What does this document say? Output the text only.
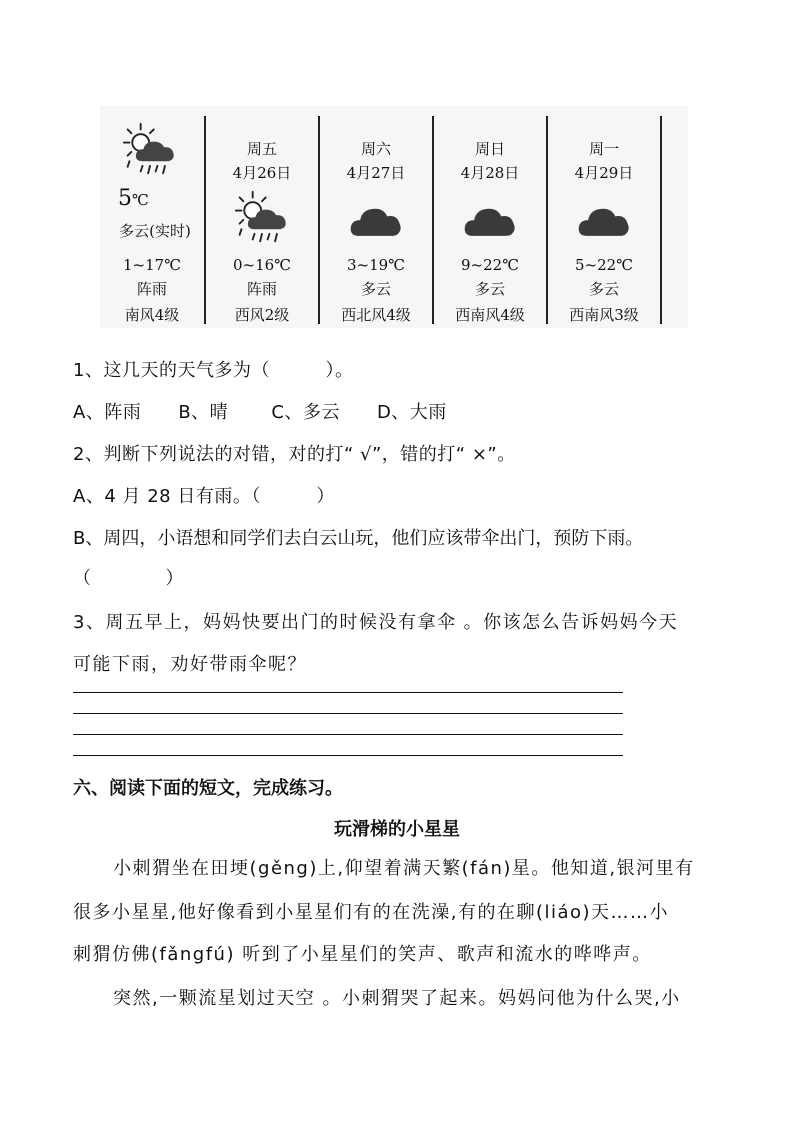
5℃
多云(实时)
1~17℃
阵雨
南风4级
周五
4月26日
0~16℃
阵雨
西风2级
周六
4月27日
3~19℃
多云
西北风4级
周日
4月28日
9~22℃
多云
西南风4级
周一
4月29日
5~22℃
多云
西南风3级
1、这几天的天气多为（　　　）。
A、阵雨　　B、晴　　 C、多云　　D、大雨
2、判断下列说法的对错，对的打“ √”，错的打“ ×”。
A、4 月 28 日有雨。（　　　）
B、周四，小语想和同学们去白云山玩，他们应该带伞出门，预防下雨。
（　　　　）
3、周五早上，妈妈快要出门的时候没有拿伞 。你该怎么告诉妈妈今天
可能下雨，劝好带雨伞呢？
六、阅读下面的短文，完成练习。
玩滑梯的小星星
小刺猬坐在田埂(gěng)上,仰望着满天繁(fán)星。他知道,银河里有
很多小星星,他好像看到小星星们有的在洗澡,有的在聊(liáo)天……小
刺猬仿佛(fǎngfú) 听到了小星星们的笑声、歌声和流水的哗哗声。
突然,一颗流星划过天空 。小刺猬哭了起来。妈妈问他为什么哭,小
